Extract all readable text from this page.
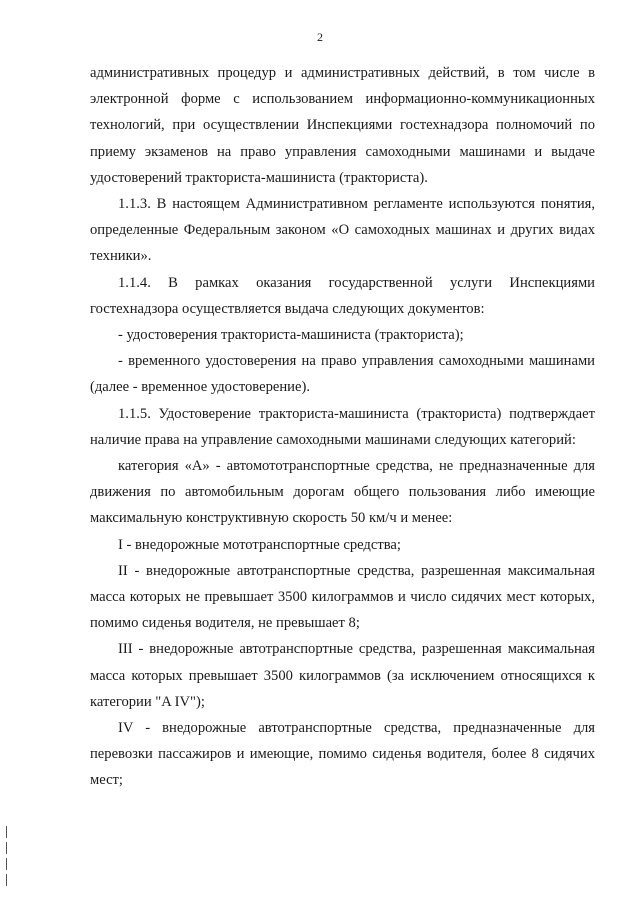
2

административных процедур и административных действий, в том числе в электронной форме с использованием информационно-коммуникационных технологий, при осуществлении Инспекциями гостехнадзора полномочий по приему экзаменов на право управления самоходными машинами и выдаче удостоверений тракториста-машиниста (тракториста).

1.1.3. В настоящем Административном регламенте используются понятия, определенные Федеральным законом «О самоходных машинах и других видах техники».

1.1.4. В рамках оказания государственной услуги Инспекциями гостехнадзора осуществляется выдача следующих документов:

- удостоверения тракториста-машиниста (тракториста);

- временного удостоверения на право управления самоходными машинами (далее - временное удостоверение).

1.1.5. Удостоверение тракториста-машиниста (тракториста) подтверждает наличие права на управление самоходными машинами следующих категорий:

категория «А» - автомототранспортные средства, не предназначенные для движения по автомобильным дорогам общего пользования либо имеющие максимальную конструктивную скорость 50 км/ч и менее:

I - внедорожные мототранспортные средства;

II - внедорожные автотранспортные средства, разрешенная максимальная масса которых не превышает 3500 килограммов и число сидячих мест которых, помимо сиденья водителя, не превышает 8;

III - внедорожные автотранспортные средства, разрешенная максимальная масса которых превышает 3500 килограммов (за исключением относящихся к категории "A IV");

IV - внедорожные автотранспортные средства, предназначенные для перевозки пассажиров и имеющие, помимо сиденья водителя, более 8 сидячих мест;
